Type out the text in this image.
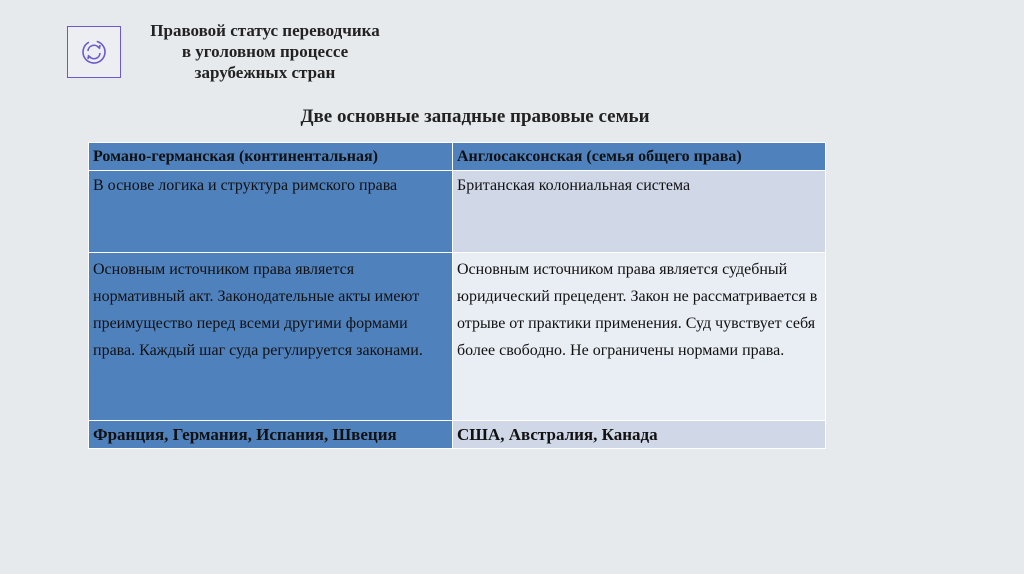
Правовой статус переводчика
в уголовном процессе
зарубежных стран
Две основные западные правовые семьи
Романо-германская (континентальная)	Англосаксонская (семья общего права)
В основе логика и структура римского права	Британская колониальная система
Основным источником права является нормативный акт. Законодательные акты имеют преимущество перед всеми другими формами права. Каждый шаг суда регулируется законами.	Основным источником права является судебный юридический прецедент. Закон не рассматривается в отрыве от практики применения. Суд чувствует себя более свободно. Не ограничены нормами права.
Франция, Германия, Испания, Швеция	США, Австралия, Канада
